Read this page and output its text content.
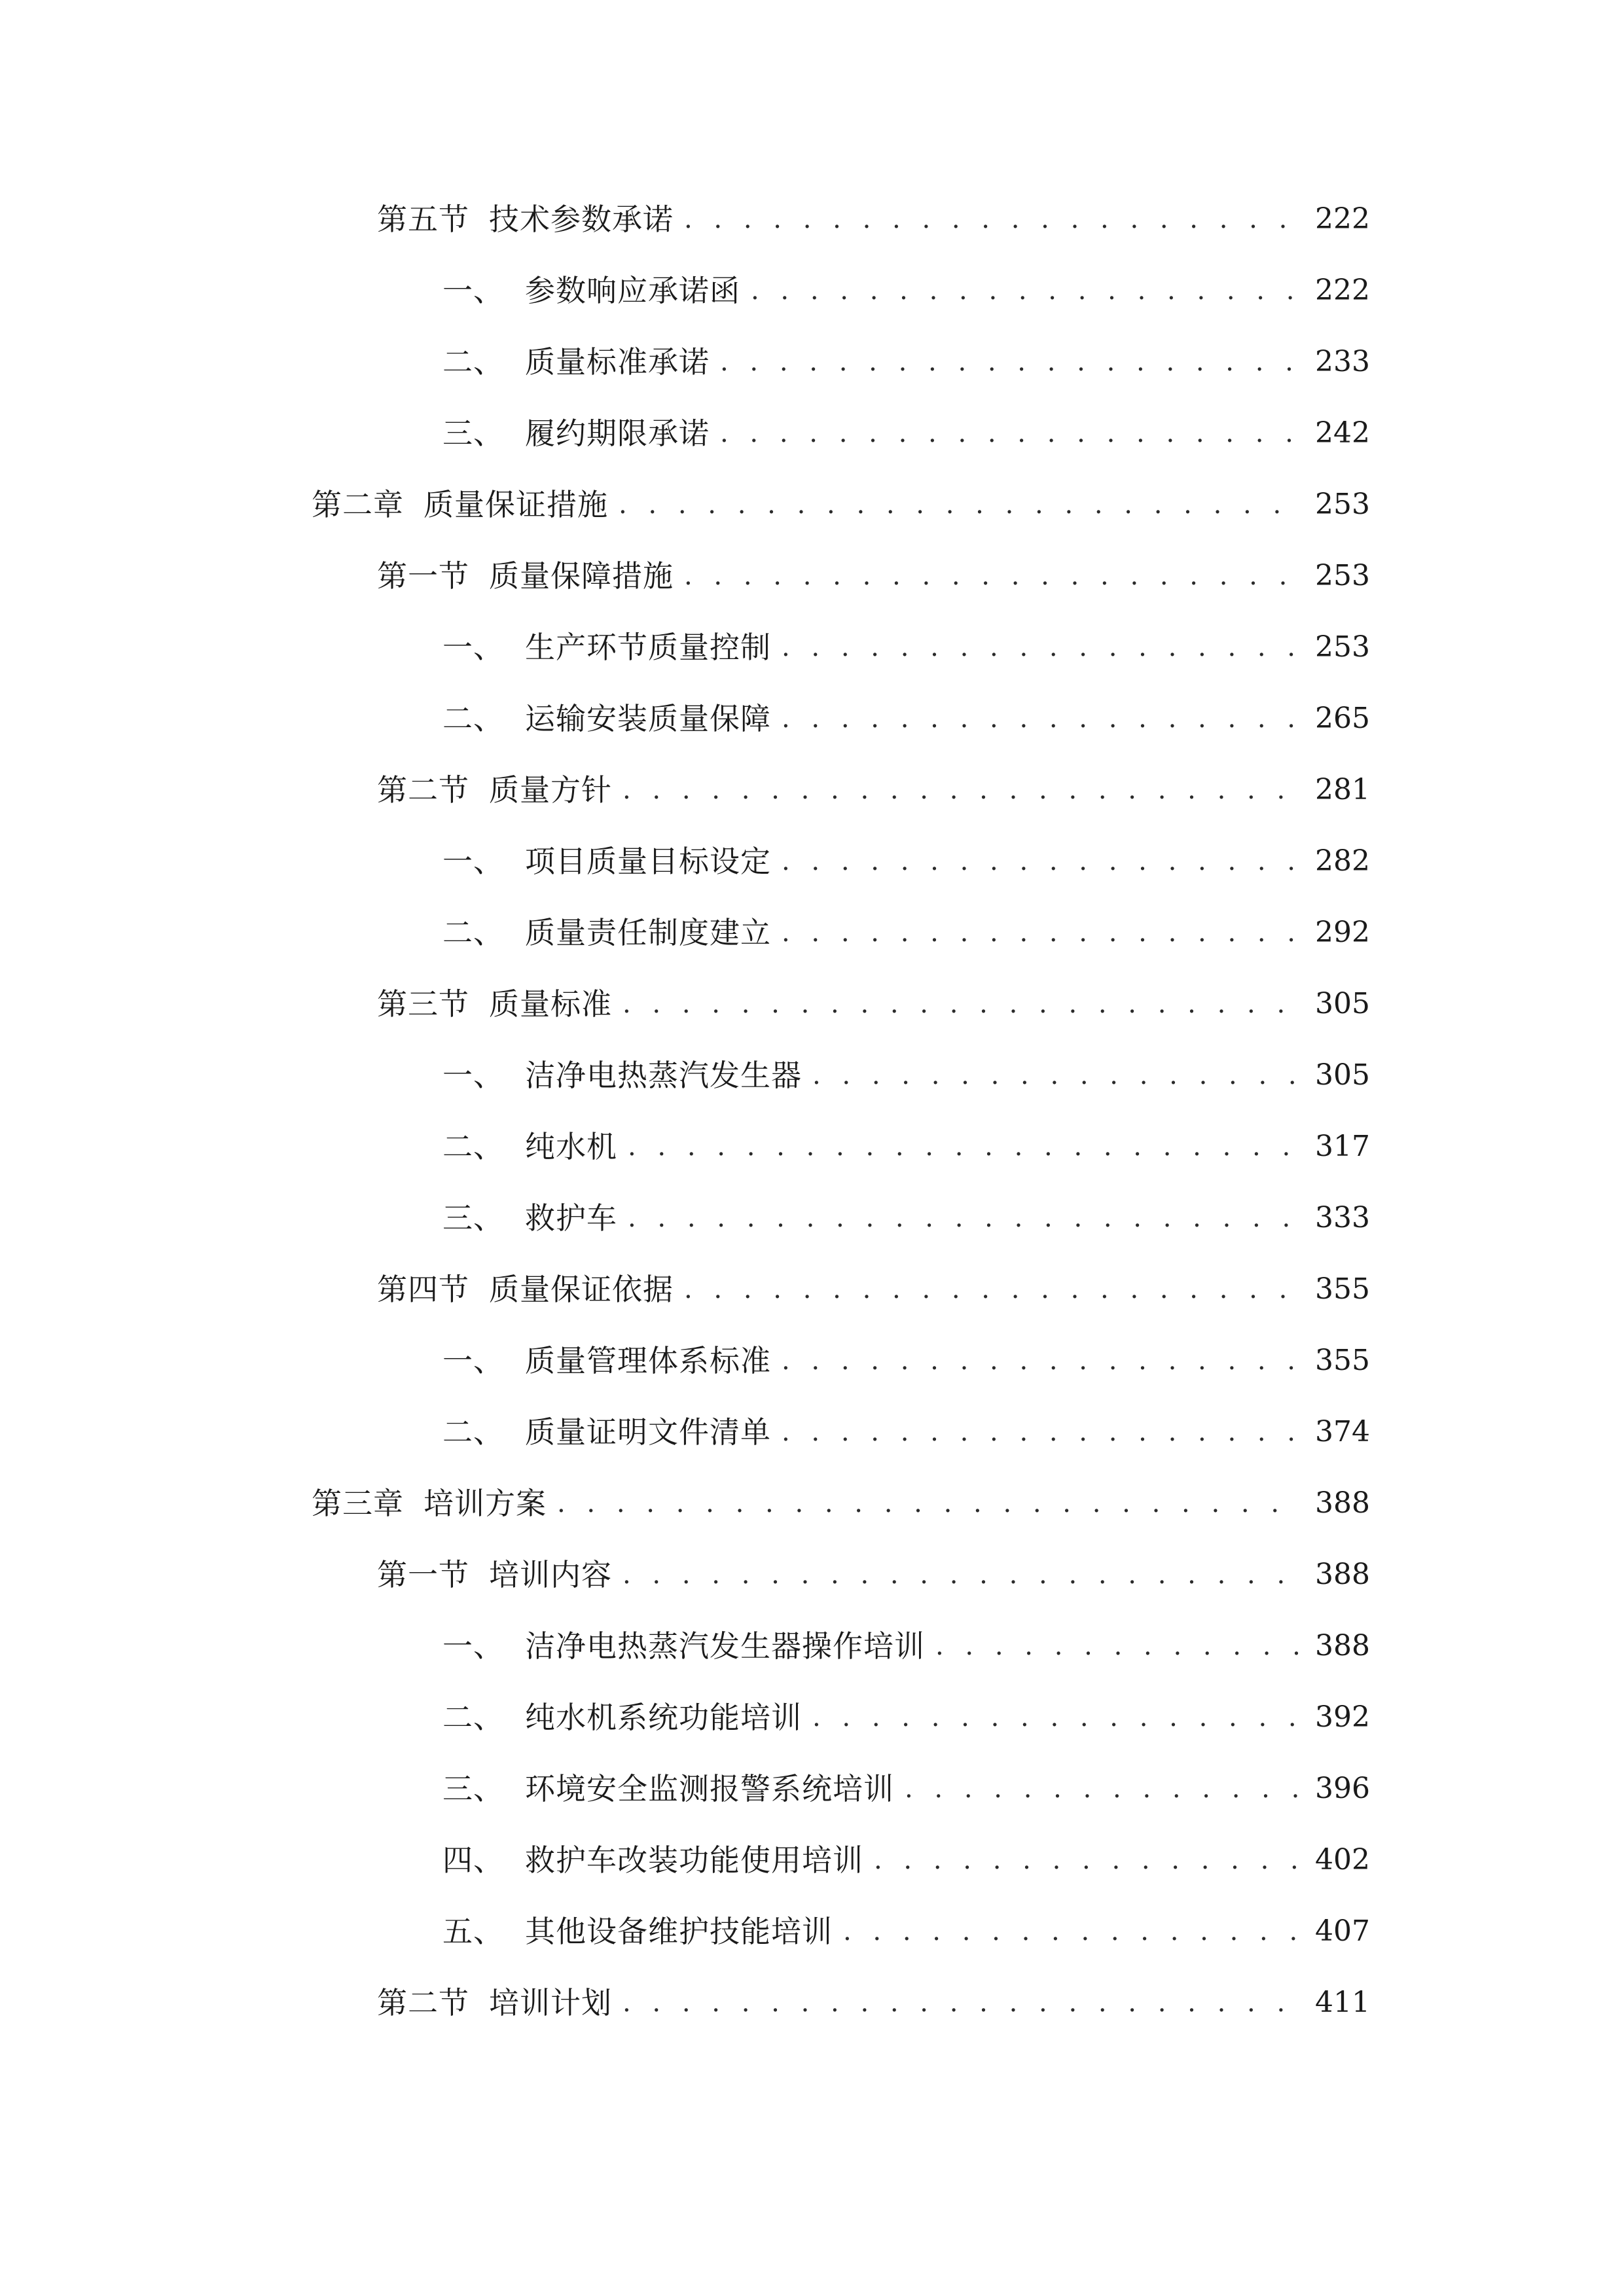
第五节 技术参数承诺 . . .	222
一、 参数响应承诺函 . . .	222
二、 质量标准承诺 . . .	233
三、 履约期限承诺 . . .	242
第二章 质量保证措施 . . .	253
第一节 质量保障措施 . . .	253
一、 生产环节质量控制 . . .	253
二、 运输安装质量保障 . . .	265
第二节 质量方针 . . .	281
一、 项目质量目标设定 . . .	282
二、 质量责任制度建立 . . .	292
第三节 质量标准 . . .	305
一、 洁净电热蒸汽发生器 . . .	305
二、 纯水机 . . .	317
三、 救护车 . . .	333
第四节 质量保证依据 . . .	355
一、 质量管理体系标准 . . .	355
二、 质量证明文件清单 . . .	374
第三章 培训方案 . . .	388
第一节 培训内容 . . .	388
一、 洁净电热蒸汽发生器操作培训 . . .	388
二、 纯水机系统功能培训 . . .	392
三、 环境安全监测报警系统培训 . . .	396
四、 救护车改装功能使用培训 . . .	402
五、 其他设备维护技能培训 . . .	407
第二节 培训计划 . . .	411
